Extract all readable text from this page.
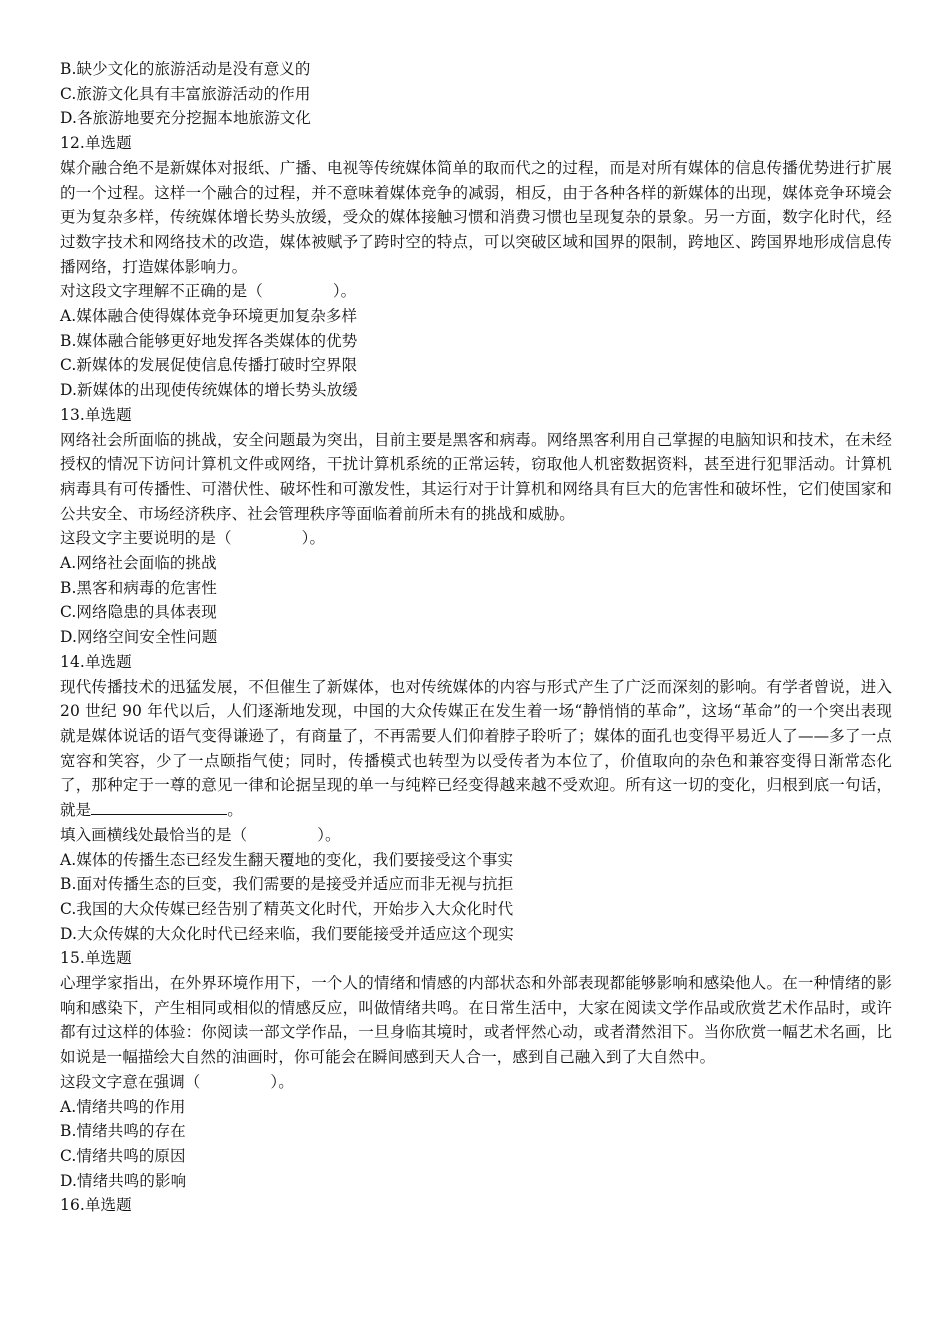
B.缺少文化的旅游活动是没有意义的
C.旅游文化具有丰富旅游活动的作用
D.各旅游地要充分挖掘本地旅游文化
12.单选题
媒介融合绝不是新媒体对报纸、广播、电视等传统媒体简单的取而代之的过程，而是对所有媒体的信息传播优势进行扩展的一个过程。这样一个融合的过程，并不意味着媒体竞争的减弱，相反，由于各种各样的新媒体的出现，媒体竞争环境会更为复杂多样，传统媒体增长势头放缓，受众的媒体接触习惯和消费习惯也呈现复杂的景象。另一方面，数字化时代，经过数字技术和网络技术的改造，媒体被赋予了跨时空的特点，可以突破区域和国界的限制，跨地区、跨国界地形成信息传播网络，打造媒体影响力。
对这段文字理解不正确的是（	）。
A.媒体融合使得媒体竞争环境更加复杂多样
B.媒体融合能够更好地发挥各类媒体的优势
C.新媒体的发展促使信息传播打破时空界限
D.新媒体的出现使传统媒体的增长势头放缓
13.单选题
网络社会所面临的挑战，安全问题最为突出，目前主要是黑客和病毒。网络黑客利用自己掌握的电脑知识和技术，在未经授权的情况下访问计算机文件或网络，干扰计算机系统的正常运转，窃取他人机密数据资料，甚至进行犯罪活动。计算机病毒具有可传播性、可潜伏性、破坏性和可激发性，其运行对于计算机和网络具有巨大的危害性和破坏性，它们使国家和公共安全、市场经济秩序、社会管理秩序等面临着前所未有的挑战和威胁。
这段文字主要说明的是（	）。
A.网络社会面临的挑战
B.黑客和病毒的危害性
C.网络隐患的具体表现
D.网络空间安全性问题
14.单选题
现代传播技术的迅猛发展，不但催生了新媒体，也对传统媒体的内容与形式产生了广泛而深刻的影响。有学者曾说，进入 20 世纪 90 年代以后，人们逐渐地发现，中国的大众传媒正在发生着一场“静悄悄的革命”，这场“革命”的一个突出表现就是媒体说话的语气变得谦逊了，有商量了，不再需要人们仰着脖子聆听了；媒体的面孔也变得平易近人了——多了一点宽容和笑容，少了一点颐指气使；同时，传播模式也转型为以受传者为本位了，价值取向的杂色和兼容变得日渐常态化了，那种定于一尊的意见一律和论据呈现的单一与纯粹已经变得越来越不受欢迎。所有这一切的变化，归根到底一句话，就是	。
填入画横线处最恰当的是（	）。
A.媒体的传播生态已经发生翻天覆地的变化，我们要接受这个事实
B.面对传播生态的巨变，我们需要的是接受并适应而非无视与抗拒
C.我国的大众传媒已经告别了精英文化时代，开始步入大众化时代
D.大众传媒的大众化时代已经来临，我们要能接受并适应这个现实
15.单选题
心理学家指出，在外界环境作用下，一个人的情绪和情感的内部状态和外部表现都能够影响和感染他人。在一种情绪的影响和感染下，产生相同或相似的情感反应，叫做情绪共鸣。在日常生活中，大家在阅读文学作品或欣赏艺术作品时，或许都有过这样的体验：你阅读一部文学作品，一旦身临其境时，或者怦然心动，或者潸然泪下。当你欣赏一幅艺术名画，比如说是一幅描绘大自然的油画时，你可能会在瞬间感到天人合一，感到自己融入到了大自然中。
这段文字意在强调（	）。
A.情绪共鸣的作用
B.情绪共鸣的存在
C.情绪共鸣的原因
D.情绪共鸣的影响
16.单选题
